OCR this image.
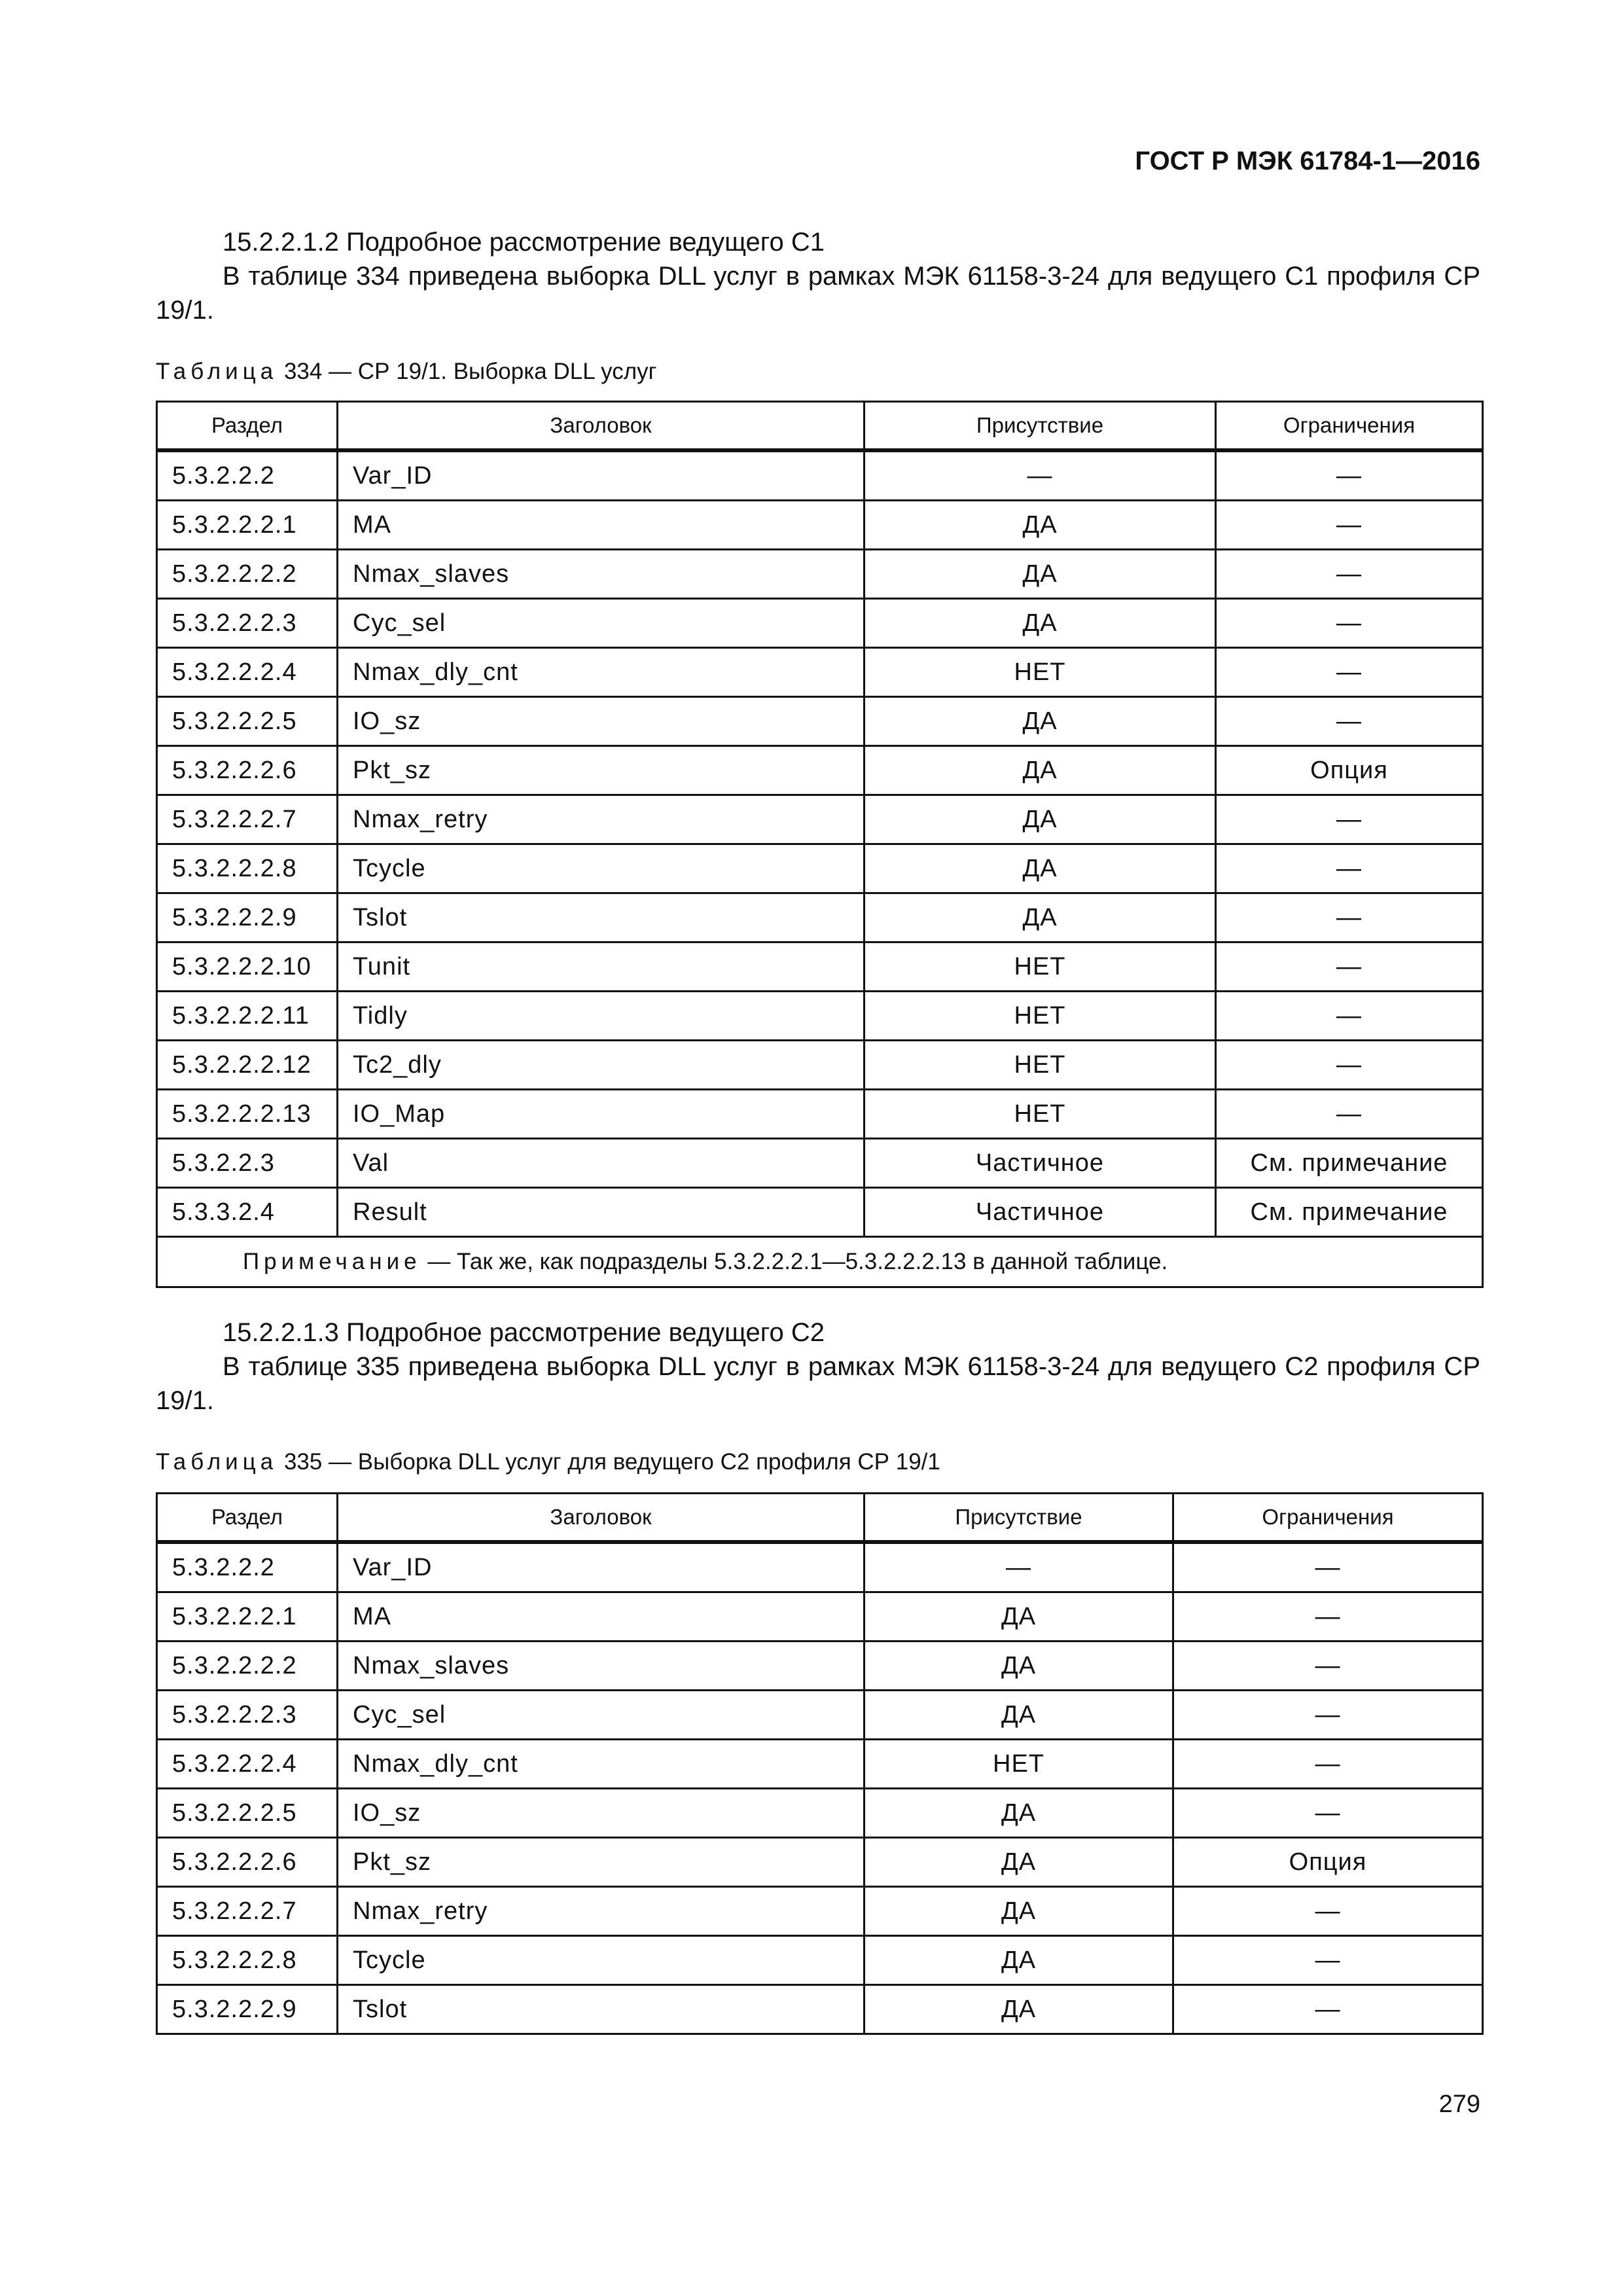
ГОСТ Р МЭК 61784-1—2016
15.2.2.1.2 Подробное рассмотрение ведущего С1
В таблице 334 приведена выборка DLL услуг в рамках МЭК 61158-3-24 для ведущего С1 профиля СР 19/1.
Таблица 334 — СР 19/1. Выборка DLL услуг
Раздел	Заголовок	Присутствие	Ограничения
5.3.2.2.2	Var_ID	—	—
5.3.2.2.2.1	MA	ДА	—
5.3.2.2.2.2	Nmax_slaves	ДА	—
5.3.2.2.2.3	Cyc_sel	ДА	—
5.3.2.2.2.4	Nmax_dly_cnt	НЕТ	—
5.3.2.2.2.5	IO_sz	ДА	—
5.3.2.2.2.6	Pkt_sz	ДА	Опция
5.3.2.2.2.7	Nmax_retry	ДА	—
5.3.2.2.2.8	Tcycle	ДА	—
5.3.2.2.2.9	Tslot	ДА	—
5.3.2.2.2.10	Tunit	НЕТ	—
5.3.2.2.2.11	Tidly	НЕТ	—
5.3.2.2.2.12	Tc2_dly	НЕТ	—
5.3.2.2.2.13	IO_Map	НЕТ	—
5.3.2.2.3	Val	Частичное	См. примечание
5.3.3.2.4	Result	Частичное	См. примечание
Примечание — Так же, как подразделы 5.3.2.2.2.1—5.3.2.2.2.13 в данной таблице.			
15.2.2.1.3 Подробное рассмотрение ведущего С2
В таблице 335 приведена выборка DLL услуг в рамках МЭК 61158-3-24 для ведущего С2 профиля СР 19/1.
Таблица 335 — Выборка DLL услуг для ведущего С2 профиля СР 19/1
Раздел	Заголовок	Присутствие	Ограничения
5.3.2.2.2	Var_ID	—	—
5.3.2.2.2.1	MA	ДА	—
5.3.2.2.2.2	Nmax_slaves	ДА	—
5.3.2.2.2.3	Cyc_sel	ДА	—
5.3.2.2.2.4	Nmax_dly_cnt	НЕТ	—
5.3.2.2.2.5	IO_sz	ДА	—
5.3.2.2.2.6	Pkt_sz	ДА	Опция
5.3.2.2.2.7	Nmax_retry	ДА	—
5.3.2.2.2.8	Tcycle	ДА	—
5.3.2.2.2.9	Tslot	ДА	—
279
